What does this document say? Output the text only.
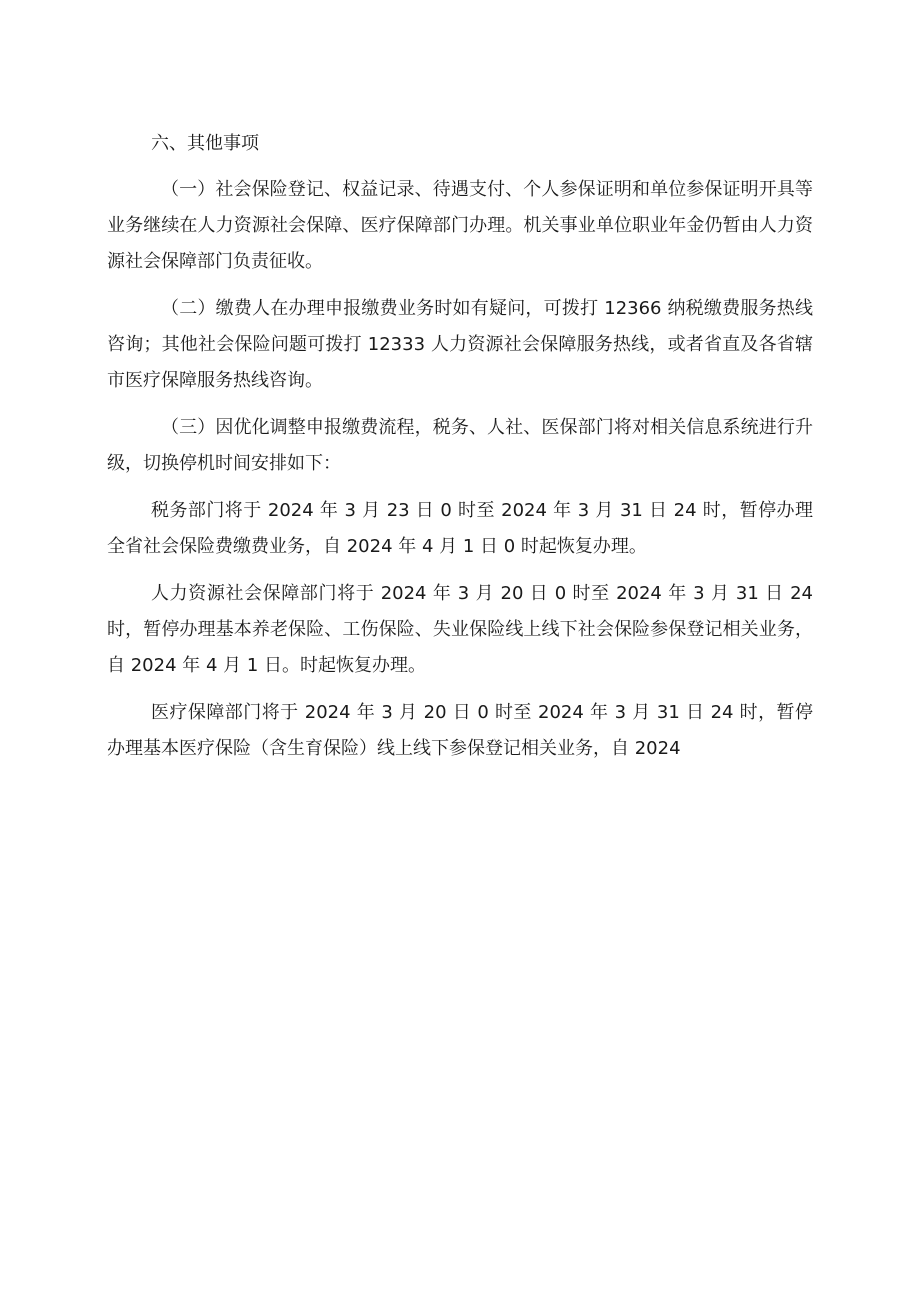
六、其他事项

（一）社会保险登记、权益记录、待遇支付、个人参保证明和单位参保证明开具等业务继续在人力资源社会保障、医疗保障部门办理。机关事业单位职业年金仍暂由人力资源社会保障部门负责征收。

（二）缴费人在办理申报缴费业务时如有疑问，可拨打 12366 纳税缴费服务热线咨询；其他社会保险问题可拨打 12333 人力资源社会保障服务热线，或者省直及各省辖市医疗保障服务热线咨询。

（三）因优化调整申报缴费流程，税务、人社、医保部门将对相关信息系统进行升级，切换停机时间安排如下：

税务部门将于 2024 年 3 月 23 日 0 时至 2024 年 3 月 31 日 24 时，暂停办理全省社会保险费缴费业务，自 2024 年 4 月 1 日 0 时起恢复办理。

人力资源社会保障部门将于 2024 年 3 月 20 日 0 时至 2024 年 3 月 31 日 24 时，暂停办理基本养老保险、工伤保险、失业保险线上线下社会保险参保登记相关业务，自 2024 年 4 月 1 日。时起恢复办理。

医疗保障部门将于 2024 年 3 月 20 日 0 时至 2024 年 3 月 31 日 24 时，暂停办理基本医疗保险（含生育保险）线上线下参保登记相关业务，自 2024
